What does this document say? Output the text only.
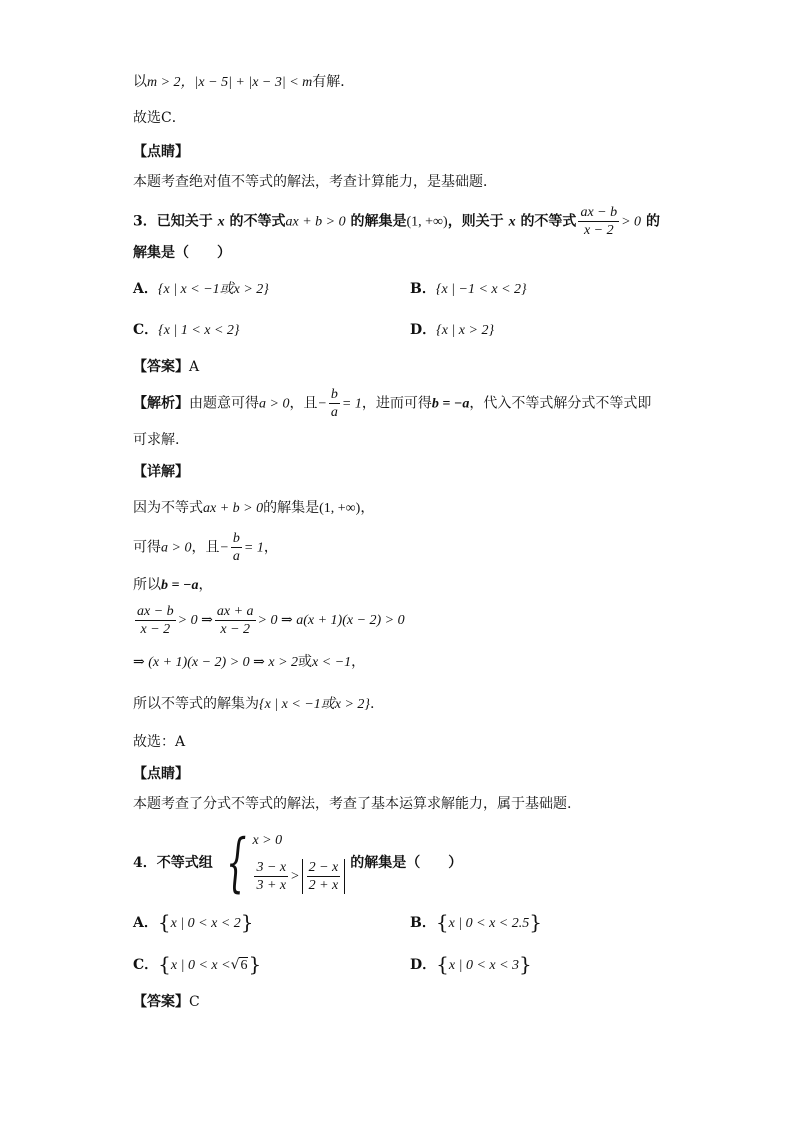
以m > 2，|x − 5| + |x − 3| < m有解．
故选C．
【点睛】
本题考查绝对值不等式的解法，考查计算能力，是基础题．
3．已知关于 x 的不等式ax + b > 0 的解集是(1, +∞)，则关于 x 的不等式 $\frac{ax - b}{x - 2} > 0$ 的
解集是（　　）
A．{x | x < −1或x > 2}	B．{x | −1 < x < 2}
C．{x | 1 < x < 2}	D．{x | x > 2}
【答案】A
【解析】由题意可得a > 0，且− $\frac{b}{a} = 1$，进而可得b = −a，代入不等式解分式不等式即
可求解.
【详解】
因为不等式ax + b > 0的解集是(1, +∞)，
可得a > 0，且− $\frac{b}{a} = 1$，
所以b = −a，
$\frac{ax - b}{x - 2} > 0$ ⇒ $\frac{ax + a}{x - 2} > 0$ ⇒ a(x + 1)(x − 2) > 0
⇒ (x + 1)(x − 2) > 0 ⇒ x > 2或x < −1，
所以不等式的解集为{x | x < −1或x > 2}.
故选：A
【点睛】
本题考查了分式不等式的解法，考查了基本运算求解能力，属于基础题.
4． 不等式组 { x > 0
$\frac{3 - x}{3 + x} > \frac{2 - x}{2 + x}$ 的解集是（　　）
A．{x | 0 < x < 2}	B．{x | 0 < x < 2.5}
C．{x | 0 < x <√6}	D．{x | 0 < x < 3}
【答案】C
